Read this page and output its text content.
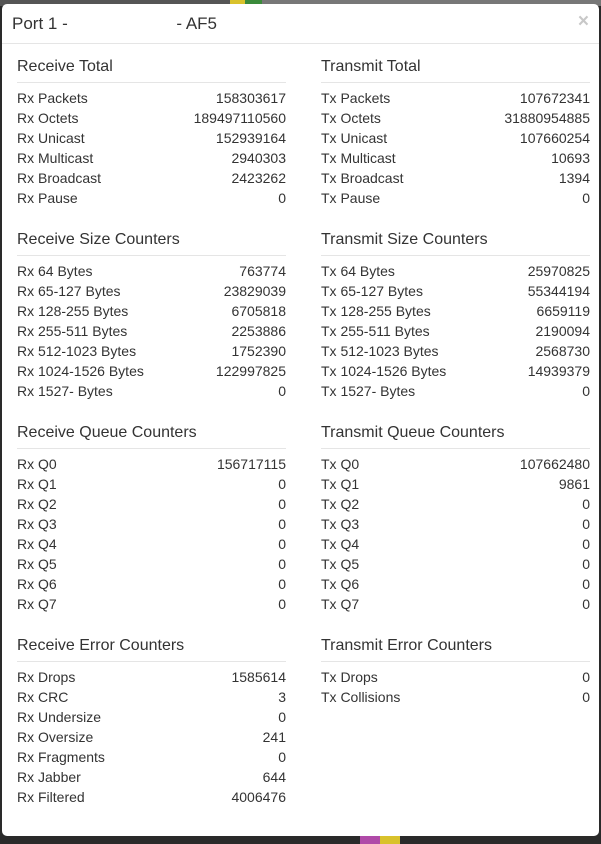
Port 1 -                       - AF5	×
Receive Total
Rx Packets	158303617
Rx Octets	189497110560
Rx Unicast	152939164
Rx Multicast	2940303
Rx Broadcast	2423262
Rx Pause	0
Receive Size Counters
Rx 64 Bytes	763774
Rx 65-127 Bytes	23829039
Rx 128-255 Bytes	6705818
Rx 255-511 Bytes	2253886
Rx 512-1023 Bytes	1752390
Rx 1024-1526 Bytes	122997825
Rx 1527- Bytes	0
Receive Queue Counters
Rx Q0	156717115
Rx Q1	0
Rx Q2	0
Rx Q3	0
Rx Q4	0
Rx Q5	0
Rx Q6	0
Rx Q7	0
Receive Error Counters
Rx Drops	1585614
Rx CRC	3
Rx Undersize	0
Rx Oversize	241
Rx Fragments	0
Rx Jabber	644
Rx Filtered	4006476
Transmit Total
Tx Packets	107672341
Tx Octets	31880954885
Tx Unicast	107660254
Tx Multicast	10693
Tx Broadcast	1394
Tx Pause	0
Transmit Size Counters
Tx 64 Bytes	25970825
Tx 65-127 Bytes	55344194
Tx 128-255 Bytes	6659119
Tx 255-511 Bytes	2190094
Tx 512-1023 Bytes	2568730
Tx 1024-1526 Bytes	14939379
Tx 1527- Bytes	0
Transmit Queue Counters
Tx Q0	107662480
Tx Q1	9861
Tx Q2	0
Tx Q3	0
Tx Q4	0
Tx Q5	0
Tx Q6	0
Tx Q7	0
Transmit Error Counters
Tx Drops	0
Tx Collisions	0
